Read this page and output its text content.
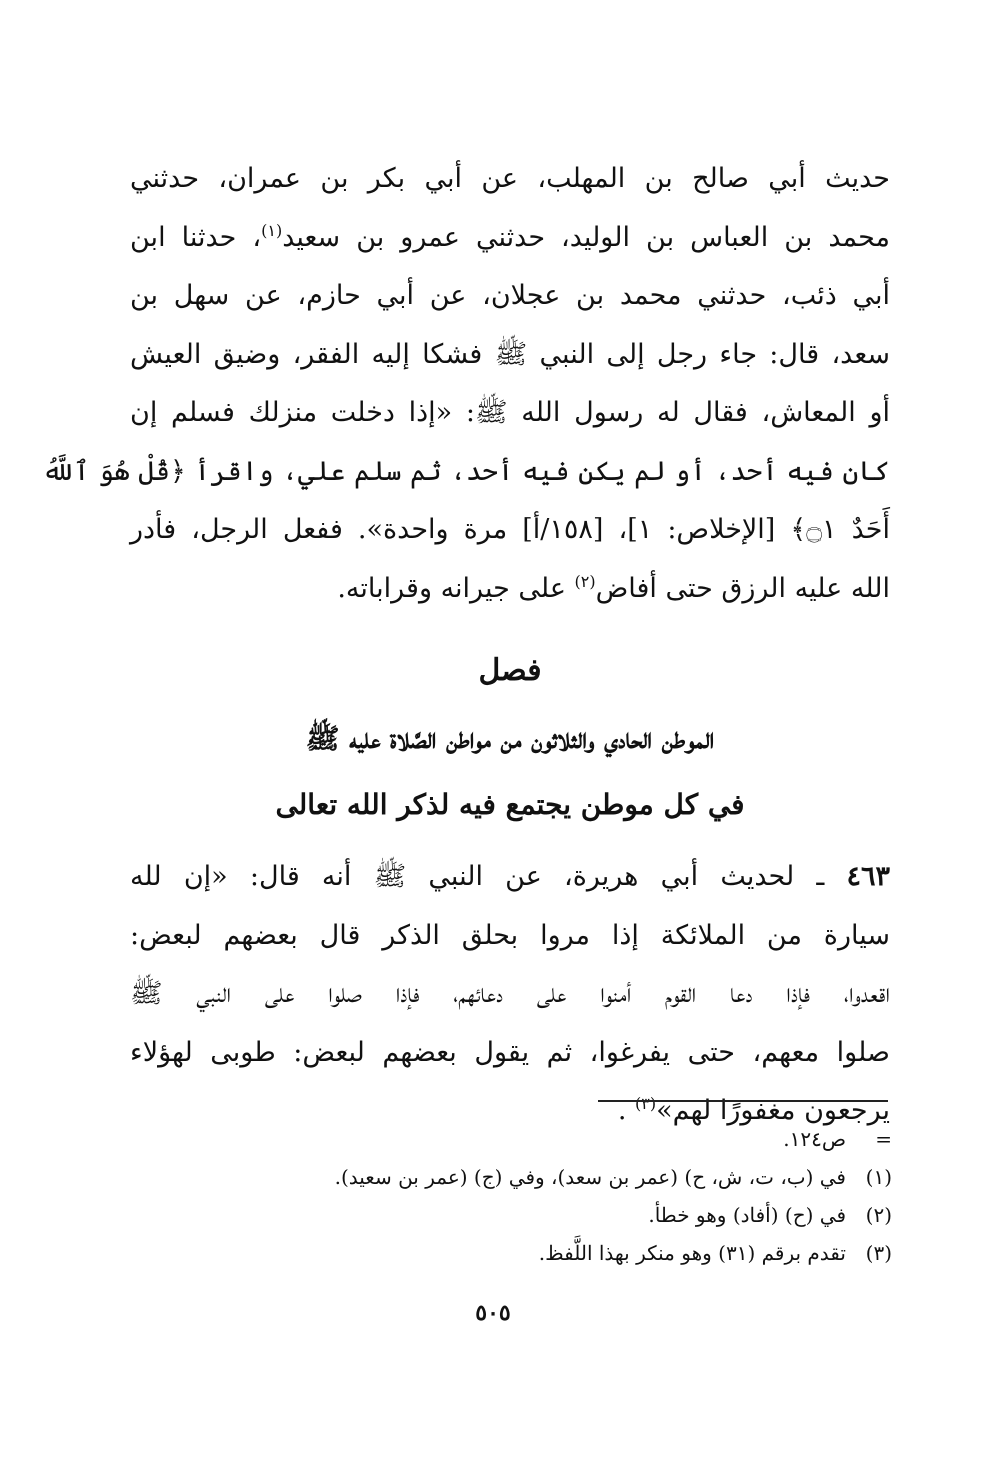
حديث أبي صالح بن المهلب، عن أبي بكر بن عمران، حدثني
محمد بن العباس بن الوليد، حدثني عمرو بن سعيد$^{(١)}$، حدثنا ابن
أبي ذئب، حدثني محمد بن عجلان، عن أبي حازم، عن سهل بن
سعد، قال: جاء رجل إلى النبي ﷺ فشكا إليه الفقر، وضيق العيش
أو المعاش، فقال له رسول الله ﷺ: «إذا دخلت منزلك فسلم إن
كان فيه أحد، أو لم يكن فيه أحد، ثم سلم علي، واقرأ ﴿قُلْ هُوَ ٱللَّهُ
أَحَدٌ ۝١﴾ [الإخلاص: ١]، [١٥٨/أ] مرة واحدة». ففعل الرجل، فأدر
الله عليه الرزق حتى أفاض$^{(٢)}$ على جيرانه وقراباته.

فصل
الموطن الحادي والثلاثون من مواطن الصَّلاة عليه ﷺ
في كل موطن يجتمع فيه لذكر الله تعالى

٤٦٣ ـ لحديث أبي هريرة، عن النبي ﷺ أنه قال: «إن لله
سيارة من الملائكة إذا مروا بحلق الذكر قال بعضهم لبعض:
اقعدوا، فإذا دعا القوم أمنوا على دعائهم، فإذا صلوا على النبي ﷺ
صلوا معهم، حتى يفرغوا، ثم يقول بعضهم لبعض: طوبى لهؤلاء
يرجعون مغفورًا لهم»$^{(٣)}$ .

=
ص١٢٤.
(١)
في (ب، ت، ش، ح) (عمر بن سعد)، وفي (ج) (عمر بن سعيد).
(٢)
في (ح) (أفاد) وهو خطأ.
(٣)
تقدم برقم (٣١) وهو منكر بهذا اللَّفظ.
٥٠٥
